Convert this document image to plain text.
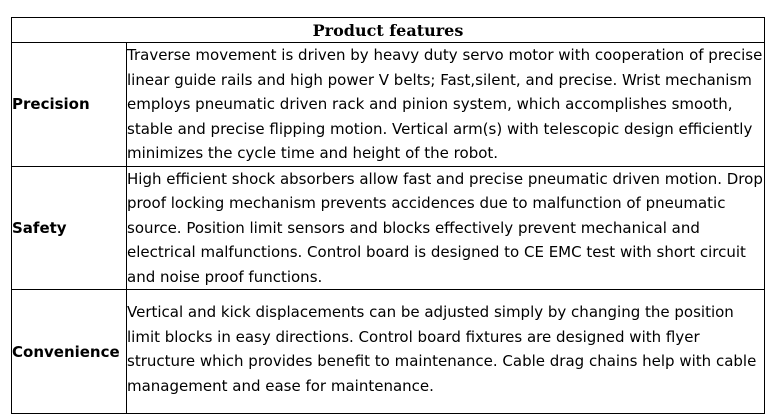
Product features	
Precision	Traverse movement is driven by heavy duty servo motor with cooperation of precise linear guide rails and high power V belts; Fast,silent, and precise. Wrist mechanism employs pneumatic driven rack and pinion system, which accomplishes smooth, stable and precise flipping motion. Vertical arm(s) with telescopic design efficiently minimizes the cycle time and height of the robot.
Safety	High efficient shock absorbers allow fast and precise pneumatic driven motion. Drop proof locking mechanism prevents accidences due to malfunction of pneumatic source. Position limit sensors and blocks effectively prevent mechanical and electrical malfunctions. Control board is designed to CE EMC test with short circuit and noise proof functions.
Convenience	Vertical and kick displacements can be adjusted simply by changing the position limit blocks in easy directions. Control board fixtures are designed with flyer structure which provides benefit to maintenance. Cable drag chains help with cable management and ease for maintenance.
